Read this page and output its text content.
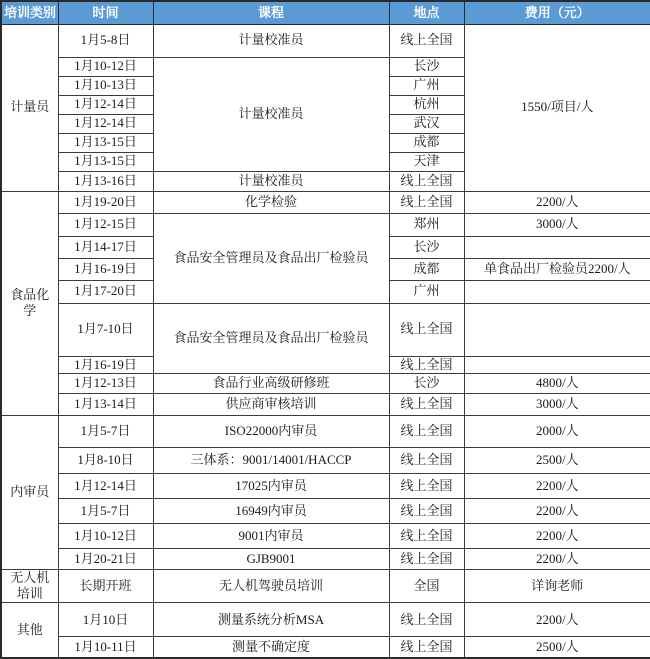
培训类别	时间	课程	地点	费用（元）
计量员	1月5-8日	计量校准员	线上全国	1550/项目/人
	1月10-12日	计量校准员	长沙	
	1月10-13日		广州	
	1月12-14日		杭州	
	1月12-14日		武汉	
	1月13-15日		成都	
	1月13-15日		天津	
	1月13-16日	计量校准员	线上全国	
食品化学	1月19-20日	化学检验	线上全国	2200/人
	1月12-15日	食品安全管理员及食品出厂检验员	郑州	3000/人
	1月14-17日		长沙	
	1月16-19日		成都	单食品出厂检验员2200/人
	1月17-20日		广州	
	1月7-10日	食品安全管理员及食品出厂检验员	线上全国	
	1月16-19日		线上全国	
	1月12-13日	食品行业高级研修班	长沙	4800/人
	1月13-14日	供应商审核培训	线上全国	3000/人
内审员	1月5-7日	ISO22000内审员	线上全国	2000/人
	1月8-10日	三体系：9001/14001/HACCP	线上全国	2500/人
	1月12-14日	17025内审员	线上全国	2200/人
	1月5-7日	16949内审员	线上全国	2200/人
	1月10-12日	9001内审员	线上全国	2200/人
	1月20-21日	GJB9001	线上全国	2200/人
无人机培训	长期开班	无人机驾驶员培训	全国	详询老师
其他	1月10日	测量系统分析MSA	线上全国	2200/人
	1月10-11日	测量不确定度	线上全国	2500/人
